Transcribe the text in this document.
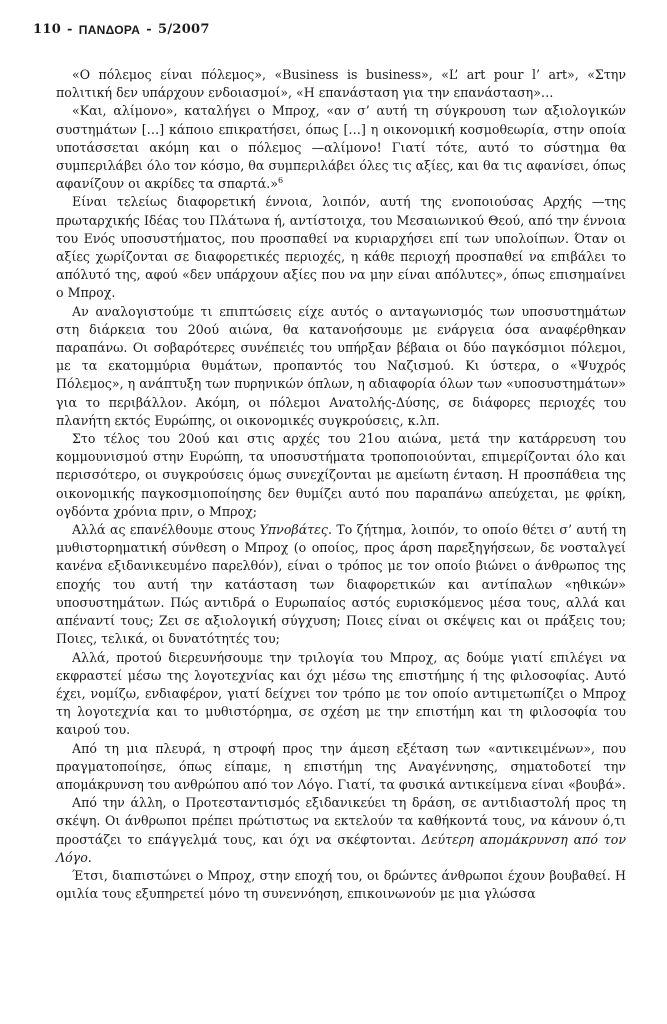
110 - ΠΑΝΔΟΡΑ - 5/2007

«Ο πόλεμος είναι πόλεμος», «Business is business», «L’ art pour l’ art», «Στην πολιτική δεν υπάρχουν ενδοιασμοί», «Η επανάσταση για την επανάσταση»…

«Και, αλίμονο», καταλήγει ο Μπροχ, «αν σ’ αυτή τη σύγκρουση των αξιολογικών συστημάτων […] κάποιο επικρατήσει, όπως […] η οικονομική κοσμοθεωρία, στην οποία υποτάσσεται ακόμη και ο πόλεμος —αλίμονο! Γιατί τότε, αυτό το σύστημα θα συμπεριλάβει όλο τον κόσμο, θα συμπεριλάβει όλες τις αξίες, και θα τις αφανίσει, όπως αφανίζουν οι ακρίδες τα σπαρτά.»$^6$

Είναι τελείως διαφορετική έννοια, λοιπόν, αυτή της ενοποιούσας Αρχής —της πρωταρχικής Ιδέας του Πλάτωνα ή, αντίστοιχα, του Μεσαιωνικού Θεού, από την έννοια του Ενός υποσυστήματος, που προσπαθεί να κυριαρχήσει επί των υπολοίπων. Όταν οι αξίες χωρίζονται σε διαφορετικές περιοχές, η κάθε περιοχή προσπαθεί να επιβάλει το απόλυτό της, αφού «δεν υπάρχουν αξίες που να μην είναι απόλυτες», όπως επισημαίνει ο Μπροχ.

Αν αναλογιστούμε τι επιπτώσεις είχε αυτός ο ανταγωνισμός των υποσυστημάτων στη διάρκεια του 20ού αιώνα, θα κατανοήσουμε με ενάργεια όσα αναφέρθηκαν παραπάνω. Οι σοβαρότερες συνέπειές του υπήρξαν βέβαια οι δύο παγκόσμιοι πόλεμοι, με τα εκατομμύρια θυμάτων, προπαντός του Ναζισμού. Κι ύστερα, ο «Ψυχρός Πόλεμος», η ανάπτυξη των πυρηνικών όπλων, η αδιαφορία όλων των «υποσυστημάτων» για το περιβάλλον. Ακόμη, οι πόλεμοι Ανατολής-Δύσης, σε διάφορες περιοχές του πλανήτη εκτός Ευρώπης, οι οικονομικές συγκρούσεις, κ.λπ.

Στο τέλος του 20ού και στις αρχές του 21ου αιώνα, μετά την κατάρρευση του κομμουνισμού στην Ευρώπη, τα υποσυστήματα τροποποιούνται, επιμερίζονται όλο και περισσότερο, οι συγκρούσεις όμως συνεχίζονται με αμείωτη ένταση. Η προσπάθεια της οικονομικής παγκοσμιοποίησης δεν θυμίζει αυτό που παραπάνω απεύχεται, με φρίκη, ογδόντα χρόνια πριν, ο Μπροχ;

Αλλά ας επανέλθουμε στους Υπνοβάτες. Το ζήτημα, λοιπόν, το οποίο θέτει σ’ αυτή τη μυθιστορηματική σύνθεση ο Μπροχ (ο οποίος, προς άρση παρεξηγήσεων, δε νοσταλγεί κανένα εξιδανικευμένο παρελθόν), είναι ο τρόπος με τον οποίο βιώνει ο άνθρωπος της εποχής του αυτή την κατάσταση των διαφορετικών και αντίπαλων «ηθικών» υποσυστημάτων. Πώς αντιδρά ο Ευρωπαίος αστός ευρισκόμενος μέσα τους, αλλά και απέναντί τους; Ζει σε αξιολογική σύγχυση; Ποιες είναι οι σκέψεις και οι πράξεις του; Ποιες, τελικά, οι δυνατότητές του;

Αλλά, προτού διερευνήσουμε την τριλογία του Μπροχ, ας δούμε γιατί επιλέγει να εκφραστεί μέσω της λογοτεχνίας και όχι μέσω της επιστήμης ή της φιλοσοφίας. Αυτό έχει, νομίζω, ενδιαφέρον, γιατί δείχνει τον τρόπο με τον οποίο αντιμετωπίζει ο Μπροχ τη λογοτεχνία και το μυθιστόρημα, σε σχέση με την επιστήμη και τη φιλοσοφία του καιρού του.

Από τη μια πλευρά, η στροφή προς την άμεση εξέταση των «αντικειμένων», που πραγματοποίησε, όπως είπαμε, η επιστήμη της Αναγέννησης, σηματοδοτεί την απομάκρυνση του ανθρώπου από τον Λόγο. Γιατί, τα φυσικά αντικείμενα είναι «βουβά».

Από την άλλη, ο Προτεσταντισμός εξιδανικεύει τη δράση, σε αντιδιαστολή προς τη σκέψη. Οι άνθρωποι πρέπει πρώτιστως να εκτελούν τα καθήκοντά τους, να κάνουν ό,τι προστάζει το επάγγελμά τους, και όχι να σκέφτονται. Δεύτερη απομάκρυνση από τον Λόγο.

Έτσι, διαπιστώνει ο Μπροχ, στην εποχή του, οι δρώντες άνθρωποι έχουν βουβαθεί. Η ομιλία τους εξυπηρετεί μόνο τη συνεννόηση, επικοινωνούν με μια γλώσσα
